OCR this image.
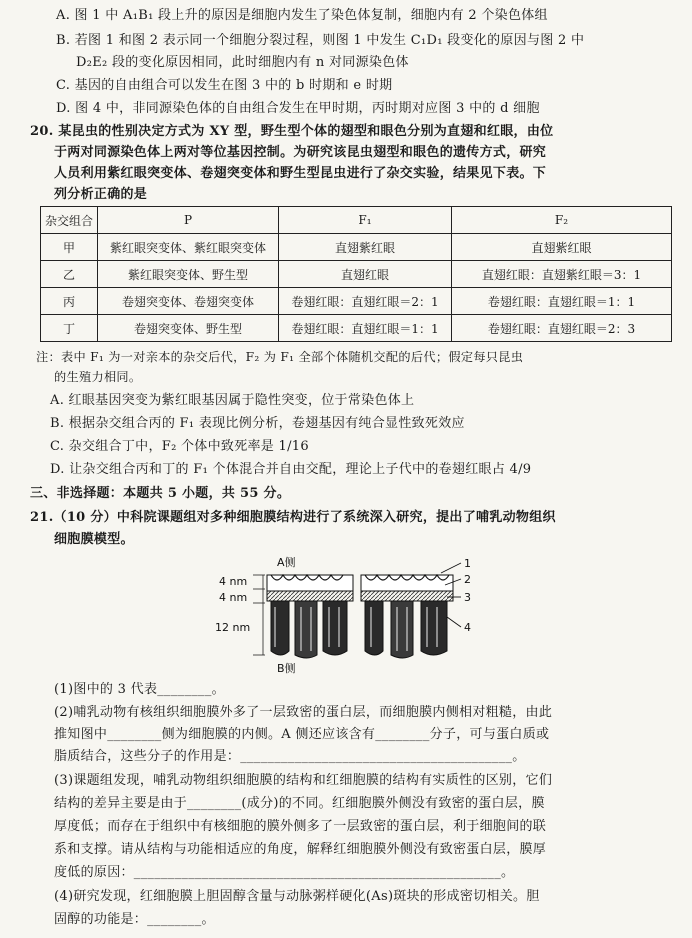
A. 图 1 中 A₁B₁ 段上升的原因是细胞内发生了染色体复制，细胞内有 2 个染色体组
B. 若图 1 和图 2 表示同一个细胞分裂过程，则图 1 中发生 C₁D₁ 段变化的原因与图 2 中
D₂E₂ 段的变化原因相同，此时细胞内有 n 对同源染色体
C. 基因的自由组合可以发生在图 3 中的 b 时期和 e 时期
D. 图 4 中，非同源染色体的自由组合发生在甲时期，丙时期对应图 3 中的 d 细胞
20. 某昆虫的性别决定方式为 XY 型，野生型个体的翅型和眼色分别为直翅和红眼，由位
于两对同源染色体上两对等位基因控制。为研究该昆虫翅型和眼色的遗传方式，研究
人员利用紫红眼突变体、卷翅突变体和野生型昆虫进行了杂交实验，结果见下表。下
列分析正确的是
杂交组合	P	F₁	F₂
甲	紫红眼突变体、紫红眼突变体	直翅紫红眼	直翅紫红眼
乙	紫红眼突变体、野生型	直翅红眼	直翅红眼：直翅紫红眼＝3：1
丙	卷翅突变体、卷翅突变体	卷翅红眼：直翅红眼＝2：1	卷翅红眼：直翅红眼＝1：1
丁	卷翅突变体、野生型	卷翅红眼：直翅红眼＝1：1	卷翅红眼：直翅红眼＝2：3
注：表中 F₁ 为一对亲本的杂交后代，F₂ 为 F₁ 全部个体随机交配的后代；假定每只昆虫
的生殖力相同。
A. 红眼基因突变为紫红眼基因属于隐性突变，位于常染色体上
B. 根据杂交组合丙的 F₁ 表现比例分析，卷翅基因有纯合显性致死效应
C. 杂交组合丁中，F₂ 个体中致死率是 1/16
D. 让杂交组合丙和丁的 F₁ 个体混合并自由交配，理论上子代中的卷翅红眼占 4/9
三、非选择题：本题共 5 小题，共 55 分。
21.（10 分）中科院课题组对多种细胞膜结构进行了系统深入研究，提出了哺乳动物组织
细胞膜模型。
A侧
B侧
4 nm
4 nm
12 nm
1
2
3
4
(1)图中的 3 代表________。
(2)哺乳动物有核组织细胞膜外多了一层致密的蛋白层，而细胞膜内侧相对粗糙，由此
推知图中________侧为细胞膜的内侧。A 侧还应该含有________分子，可与蛋白质或
脂质结合，这些分子的作用是：________________________________________。
(3)课题组发现，哺乳动物组织细胞膜的结构和红细胞膜的结构有实质性的区别，它们
结构的差异主要是由于________(成分)的不同。红细胞膜外侧没有致密的蛋白层，膜
厚度低；而存在于组织中有核细胞的膜外侧多了一层致密的蛋白层，利于细胞间的联
系和支撑。请从结构与功能相适应的角度，解释红细胞膜外侧没有致密蛋白层，膜厚
度低的原因：______________________________________________________。
(4)研究发现，红细胞膜上胆固醇含量与动脉粥样硬化(As)斑块的形成密切相关。胆
固醇的功能是：________。
